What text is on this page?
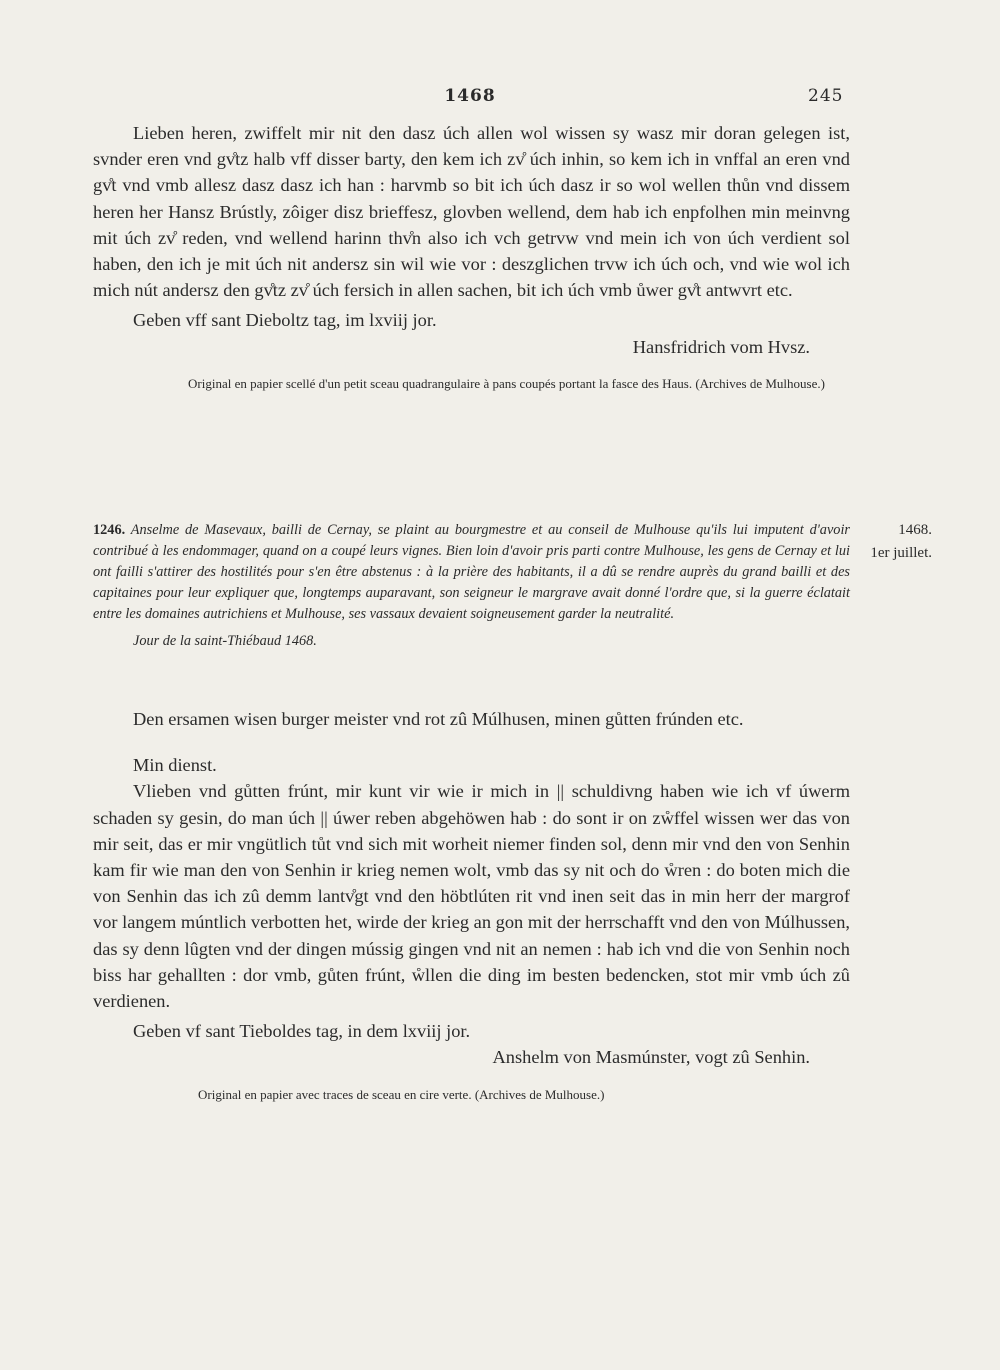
1468	245

Lieben heren, zwiffelt mir nit den dasz úch allen wol wissen sy wasz mir doran gelegen ist, svnder eren vnd gv̊tz halb vff disser barty, den kem ich zv̊ úch inhin, so kem ich in vnffal an eren vnd gv̊t vnd vmb allesz dasz dasz ich han : harvmb so bit ich úch dasz ir so wol wellen thůn vnd dissem heren her Hansz Brústly, zôiger disz brieffesz, glovben wellend, dem hab ich enpfolhen min meinvng mit úch zv̊ reden, vnd wellend harinn thv̊n also ich vch getrvw vnd mein ich von úch verdient sol haben, den ich je mit úch nit andersz sin wil wie vor : deszglichen trvw ich úch och, vnd wie wol ich mich nút andersz den gv̊tz zv̊ úch fersich in allen sachen, bit ich úch vmb ůwer gv̊t antwvrt etc.

Geben vff sant Dieboltz tag, im lxviij jor.

Hansfridrich vom Hvsz.

Original en papier scellé d'un petit sceau quadrangulaire à pans coupés portant la fasce des Haus. (Archives de Mulhouse.)

1468.
1er juillet.

1246. Anselme de Masevaux, bailli de Cernay, se plaint au bourgmestre et au conseil de Mulhouse qu'ils lui imputent d'avoir contribué à les endommager, quand on a coupé leurs vignes. Bien loin d'avoir pris parti contre Mulhouse, les gens de Cernay et lui ont failli s'attirer des hostilités pour s'en être abstenus : à la prière des habitants, il a dû se rendre auprès du grand bailli et des capitaines pour leur expliquer que, longtemps auparavant, son seigneur le margrave avait donné l'ordre que, si la guerre éclatait entre les domaines autrichiens et Mulhouse, ses vassaux devaient soigneusement garder la neutralité.

Jour de la saint-Thiébaud 1468.

Den ersamen wisen burger meister vnd rot zû Múlhusen, minen gůtten frúnden etc.

Min dienst.

Vlieben vnd gůtten frúnt, mir kunt vir wie ir mich in || schuldivng haben wie ich vf úwerm schaden sy gesin, do man úch || úwer reben abgehöwen hab : do sont ir on zẘffel wissen wer das von mir seit, das er mir vngütlich tůt vnd sich mit worheit niemer finden sol, denn mir vnd den von Senhin kam fir wie man den von Senhin ir krieg nemen wolt, vmb das sy nit och do ẘren : do boten mich die von Senhin das ich zû demm lantv̊gt vnd den höbtlúten rit vnd inen seit das in min herr der margrof vor langem múntlich verbotten het, wirde der krieg an gon mit der herrschafft vnd den von Múlhussen, das sy denn lûgten vnd der dingen mússig gingen vnd nit an nemen : hab ich vnd die von Senhin noch biss har gehallten : dor vmb, gůten frúnt, ẘllen die ding im besten bedencken, stot mir vmb úch zû verdienen.

Geben vf sant Tieboldes tag, in dem lxviij jor.

Anshelm von Masmúnster, vogt zû Senhin.

Original en papier avec traces de sceau en cire verte. (Archives de Mulhouse.)
